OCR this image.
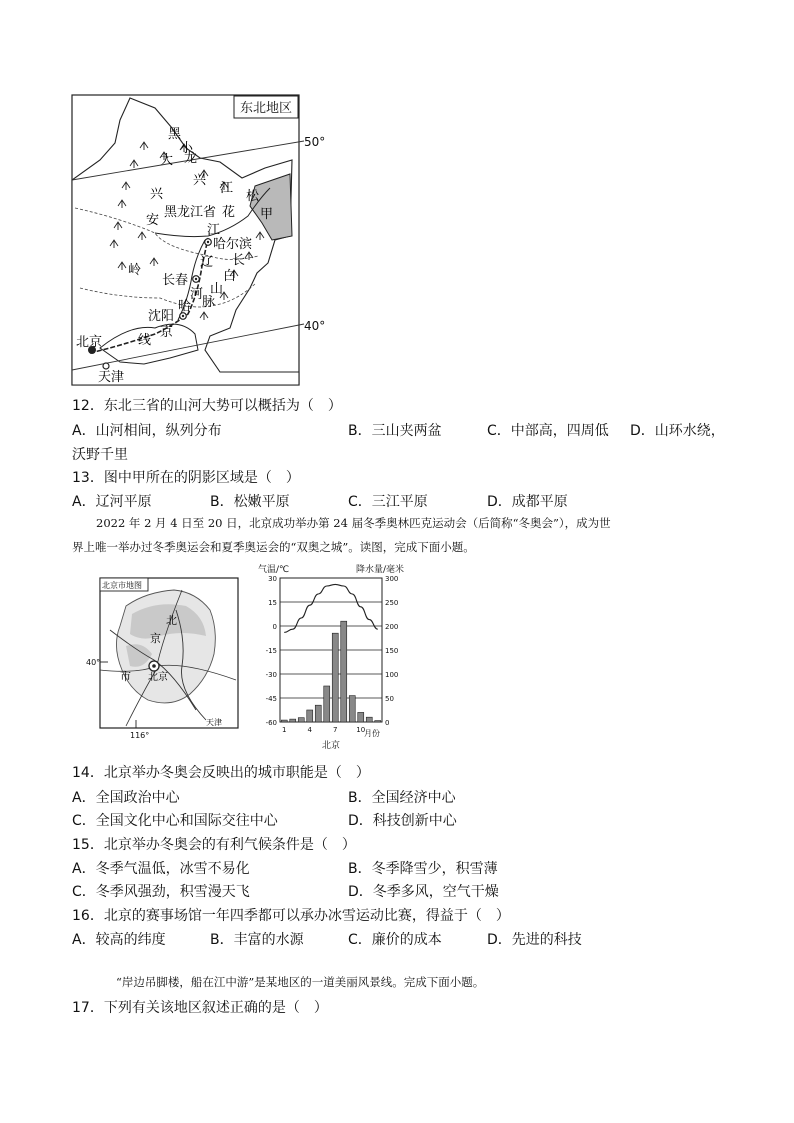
东北地区
50°
40°
黑
小
龙
大
兴
兴
安
岭
江
松
花
黑龙江省
江
甲
哈尔滨
辽 长
白
长春
山
哈 脉
河
沈阳
线
北京
天津
京
12．东北三省的山河大势可以概括为（　）
A．山河相间，纵列分布	B．三山夹两盆	C．中部高，四周低 D．山环水绕，
沃野千里
13．图中甲所在的阴影区域是（　）
A．辽河平原	B．松嫩平原	C．三江平原	D．成都平原
2022 年 2 月 4 日至 20 日，北京成功举办第 24 届冬季奥林匹克运动会（后简称“冬奥会”），成为世
界上唯一举办过冬季奥运会和夏季奥运会的“双奥之城”。读图，完成下面小题。
北京市地图
40°
116°
北
京
市 北京
天津
气温/℃	降水量/毫米
30	300
15	250
0	200
-15	150
-30	100
-45	50
-60	0
1	4	7	10
月份
北京
14．北京举办冬奥会反映出的城市职能是（　）
A．全国政治中心	B．全国经济中心
C．全国文化中心和国际交往中心	D．科技创新中心
15．北京举办冬奥会的有利气候条件是（　）
A．冬季气温低，冰雪不易化	B．冬季降雪少，积雪薄
C．冬季风强劲，积雪漫天飞	D．冬季多风，空气干燥
16．北京的赛事场馆一年四季都可以承办冰雪运动比赛，得益于（　）
A．较高的纬度	B．丰富的水源	C．廉价的成本	D．先进的科技
“岸边吊脚楼，船在江中游”是某地区的一道美丽风景线。完成下面小题。
17．下列有关该地区叙述正确的是（　）
